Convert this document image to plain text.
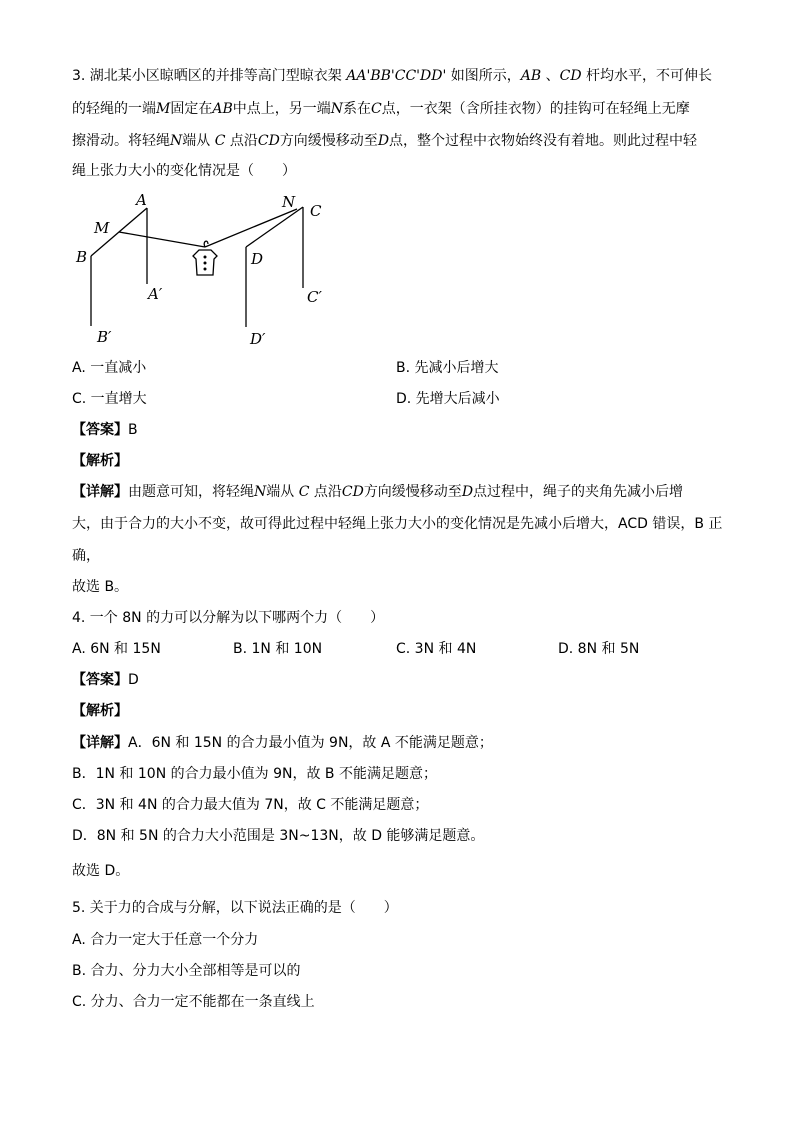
3. 湖北某小区晾晒区的并排等高门型晾衣架 AA'BB'CC'DD' 如图所示，AB 、CD 杆均水平，不可伸长
的轻绳的一端M固定在AB中点上，另一端N系在C点，一衣架（含所挂衣物）的挂钩可在轻绳上无摩
擦滑动。将轻绳N端从 C 点沿CD方向缓慢移动至D点，整个过程中衣物始终没有着地。则此过程中轻
绳上张力大小的变化情况是（　　）
A
M
B
A′
B′
N C
D
C′
D′
A. 一直减小	B. 先减小后增大
C. 一直增大	D. 先增大后减小
【答案】B
【解析】
【详解】由题意可知，将轻绳N端从 C 点沿CD方向缓慢移动至D点过程中，绳子的夹角先减小后增
大，由于合力的大小不变，故可得此过程中轻绳上张力大小的变化情况是先减小后增大，ACD 错误，B 正
确，
故选 B。
4. 一个 8N 的力可以分解为以下哪两个力（　　）
A. 6N 和 15N	B. 1N 和 10N	C. 3N 和 4N	D. 8N 和 5N
【答案】D
【解析】
【详解】A．6N 和 15N 的合力最小值为 9N，故 A 不能满足题意；
B．1N 和 10N 的合力最小值为 9N，故 B 不能满足题意；
C．3N 和 4N 的合力最大值为 7N，故 C 不能满足题意；
D．8N 和 5N 的合力大小范围是 3N~13N，故 D 能够满足题意。
故选 D。
5. 关于力的合成与分解，以下说法正确的是（　　）
A. 合力一定大于任意一个分力
B. 合力、分力大小全部相等是可以的
C. 分力、合力一定不能都在一条直线上
